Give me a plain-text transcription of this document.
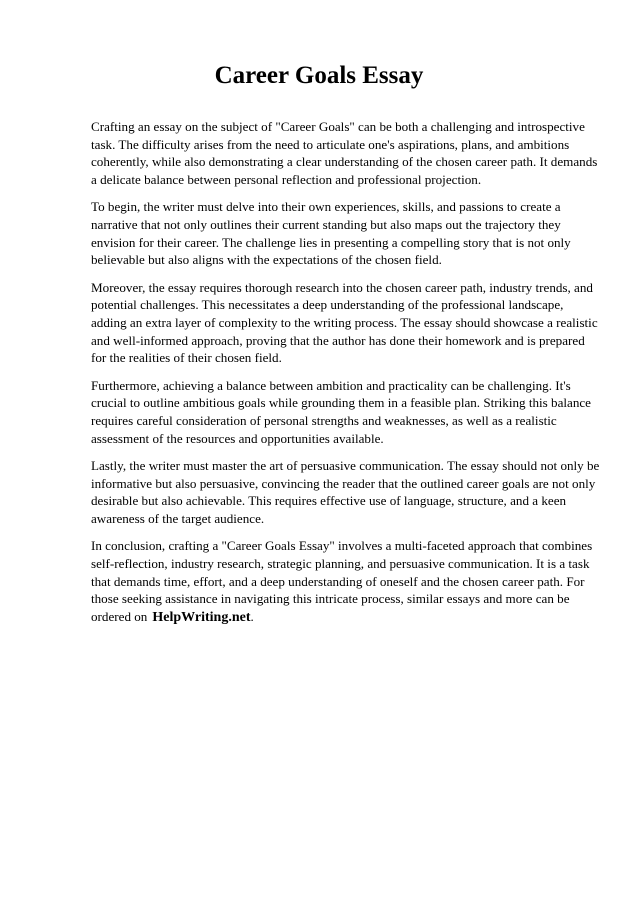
Career Goals Essay

Crafting an essay on the subject of "Career Goals" can be both a challenging and introspective task. The difficulty arises from the need to articulate one's aspirations, plans, and ambitions coherently, while also demonstrating a clear understanding of the chosen career path. It demands a delicate balance between personal reflection and professional projection.

To begin, the writer must delve into their own experiences, skills, and passions to create a narrative that not only outlines their current standing but also maps out the trajectory they envision for their career. The challenge lies in presenting a compelling story that is not only believable but also aligns with the expectations of the chosen field.

Moreover, the essay requires thorough research into the chosen career path, industry trends, and potential challenges. This necessitates a deep understanding of the professional landscape, adding an extra layer of complexity to the writing process. The essay should showcase a realistic and well-informed approach, proving that the author has done their homework and is prepared for the realities of their chosen field.

Furthermore, achieving a balance between ambition and practicality can be challenging. It's crucial to outline ambitious goals while grounding them in a feasible plan. Striking this balance requires careful consideration of personal strengths and weaknesses, as well as a realistic assessment of the resources and opportunities available.

Lastly, the writer must master the art of persuasive communication. The essay should not only be informative but also persuasive, convincing the reader that the outlined career goals are not only desirable but also achievable. This requires effective use of language, structure, and a keen awareness of the target audience.

In conclusion, crafting a "Career Goals Essay" involves a multi-faceted approach that combines self-reflection, industry research, strategic planning, and persuasive communication. It is a task that demands time, effort, and a deep understanding of oneself and the chosen career path. For those seeking assistance in navigating this intricate process, similar essays and more can be ordered on HelpWriting.net.
